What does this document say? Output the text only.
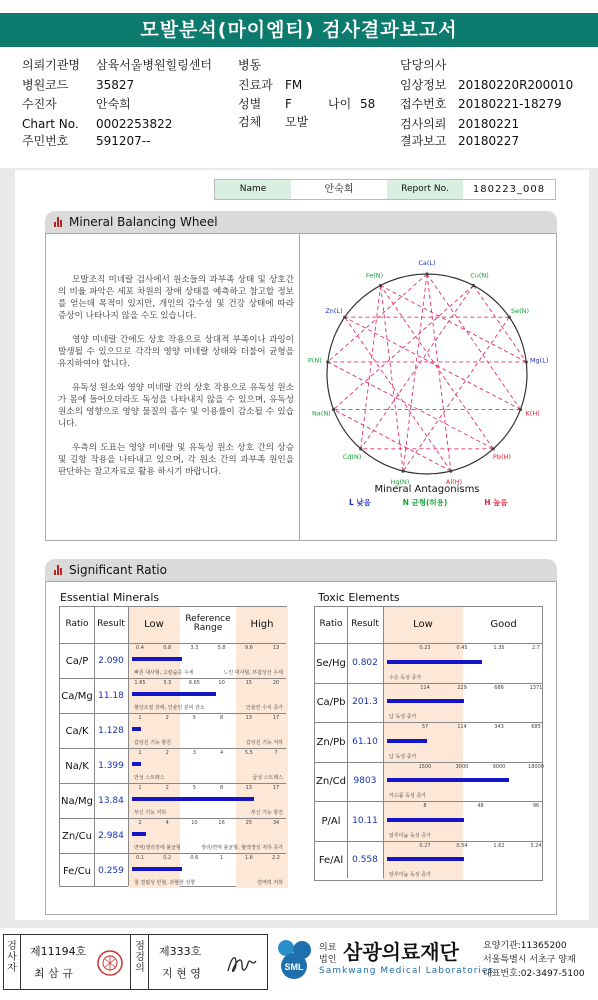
모발분석(마이엠티) 검사결과보고서
의뢰기관명 삼육서울병원힐링센터 병동	담당의사
병원코드 35827	진료과 FM	임상정보 20180220R200010
수진자	안숙희	성별 F	나이 58 접수번호 20180221-18279
Chart No. 0002253822	검체 모발	검사의뢰 20180221
주민번호 591207--	결과보고 20180227
Name	안숙희	Report No.	180223_008
Mineral Balancing Wheel

모발조직 미네랄 검사에서 원소들의 과부족 상태 및 상호간의 비율 파악은 세포 차원의 장애 상태를 예측하고 참고할 정보를 얻는데 목적이 있지만, 개인의 감수성 및 건강 상태에 따라 증상이 나타나지 않을 수도 있습니다.

영양 미네랄 간에도 상호 작용으로 상대적 부족이나 과잉이 발생될 수 있으므로 각각의 영양 미네랄 상태와 더불어 균형을 유지하여야 합니다.

유독성 원소와 영양 미네랄 간의 상호 작용으로 유독성 원소가 몸에 들어오더라도 독성을 나타내지 않을 수 있으며, 유독성 원소의 영향으로 영양 물질의 흡수 및 이용률이 감소될 수 있습니다.

우측의 도표는 영양 미네랄 및 유독성 원소 상호 간의 상승 및 길항 작용을 나타내고 있으며, 각 원소 간의 과부족 원인을 판단하는 참고자료로 활용 하시기 바랍니다.

Ca(L)
Cu(N)
Se(N)
Mg(L)
K(H)
Pb(H)
Al(H)
Hg(N)
Cd(N)
Na(N)
P(N)
Zn(L)
Fe(N)
Mineral Antagonisms
L 낮음	N 균형(허용)	H 높음
Significant Ratio
Essential Minerals	Toxic Elements
Ratio Result	Low	Reference
Range	High
Ca/P	2.090
0.4	0.8	3.3	5.8	9.6	13
빠른 대사형, 고칼슘증 우세	느린 대사형, 부갑상선 우세
Ca/Mg 11.18
1.65	3.3	6.65	10	15	20
혈당조절 장애, 인슐린 분비 감소	인슐린 수치 증가
Ca/K	1.128
1	2	5	8	13	17
갑상선 기능 항진	갑상선 기능 저하
Na/K	1.399
1	2	3	4	5.5	7
만성 스트레스	급성 스트레스
Na/Mg 13.84
1	2	5	8	13	17
부신 기능 저하	부신 기능 항진
Zn/Cu 2.984
2	4	10	16	25	34
면역/생리장애 불균형	생리/면역 불균형, 혈액생성 저하 증가
Fe/Cu 0.259
0.1	0.2	0.6	1	1.6	2.2
철 결핍성 빈혈, 과혈한 성향	면역력 저하
Ratio Result	Low	Good
Se/Hg 0.802
0.23	0.45	1.35	2.7
수은 독성 증가
Ca/Pb 201.3
114	229	686	1371
납 독성 증가
Zn/Pb 61.10
57	114	343	685
납 독성 증가
Zn/Cd 9803
1500	3000	9000	18000
카드뮴 독성 증가
P/Al	10.11
8	48	96
알루미늄 독성 증가
Fe/Al 0.558
0.27	0.54	1.62	3.24
알루미늄 독성 증가
검사자
제11194호
최 삼 규
점검의
제333호
지 현 영	SML
의료
법인 삼광의료재단
Samkwang Medical Laboratories
요양기관:11365200
서울특별시 서초구 양재
대표번호:02-3497-5100
